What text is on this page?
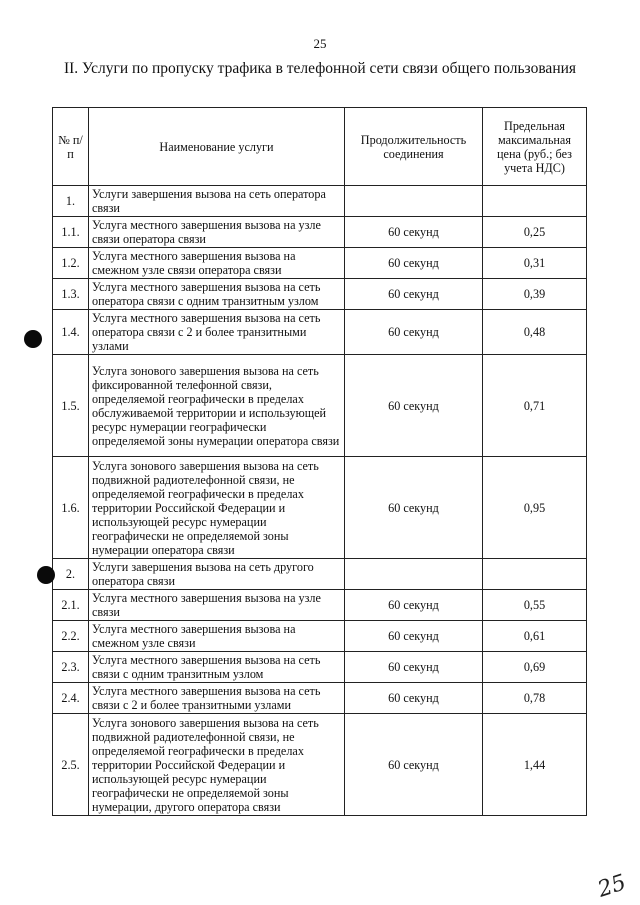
25
II. Услуги по пропуску трафика в телефонной сети связи общего пользования
№ п/п	Наименование услуги	Продолжительность соединения	Предельная максимальная цена (руб.; без учета НДС)
1.	Услуги завершения вызова на сеть оператора связи		
1.1.	Услуга местного завершения вызова на узле связи оператора связи	60 секунд	0,25
1.2.	Услуга местного завершения вызова на смежном узле связи оператора связи	60 секунд	0,31
1.3.	Услуга местного завершения вызова на сеть оператора связи с одним транзитным узлом	60 секунд	0,39
1.4.	Услуга местного завершения вызова на сеть оператора связи с 2 и более транзитными узлами	60 секунд	0,48
1.5.	Услуга зонового завершения вызова на сеть фиксированной телефонной связи, определяемой географически в пределах обслуживаемой территории и использующей ресурс нумерации географически определяемой зоны нумерации оператора связи	60 секунд	0,71
1.6.	Услуга зонового завершения вызова на сеть подвижной радиотелефонной связи, не определяемой географически в пределах территории Российской Федерации и использующей ресурс нумерации географически не определяемой зоны нумерации оператора связи	60 секунд	0,95
2.	Услуги завершения вызова на сеть другого оператора связи		
2.1.	Услуга местного завершения вызова на узле связи	60 секунд	0,55
2.2.	Услуга местного завершения вызова на смежном узле связи	60 секунд	0,61
2.3.	Услуга местного завершения вызова на сеть связи с одним транзитным узлом	60 секунд	0,69
2.4.	Услуга местного завершения вызова на сеть связи с 2 и более транзитными узлами	60 секунд	0,78
2.5.	Услуга зонового завершения вызова на сеть подвижной радиотелефонной связи, не определяемой географически в пределах территории Российской Федерации и использующей ресурс нумерации географически не определяемой зоны нумерации, другого оператора связи	60 секунд	1,44
25
